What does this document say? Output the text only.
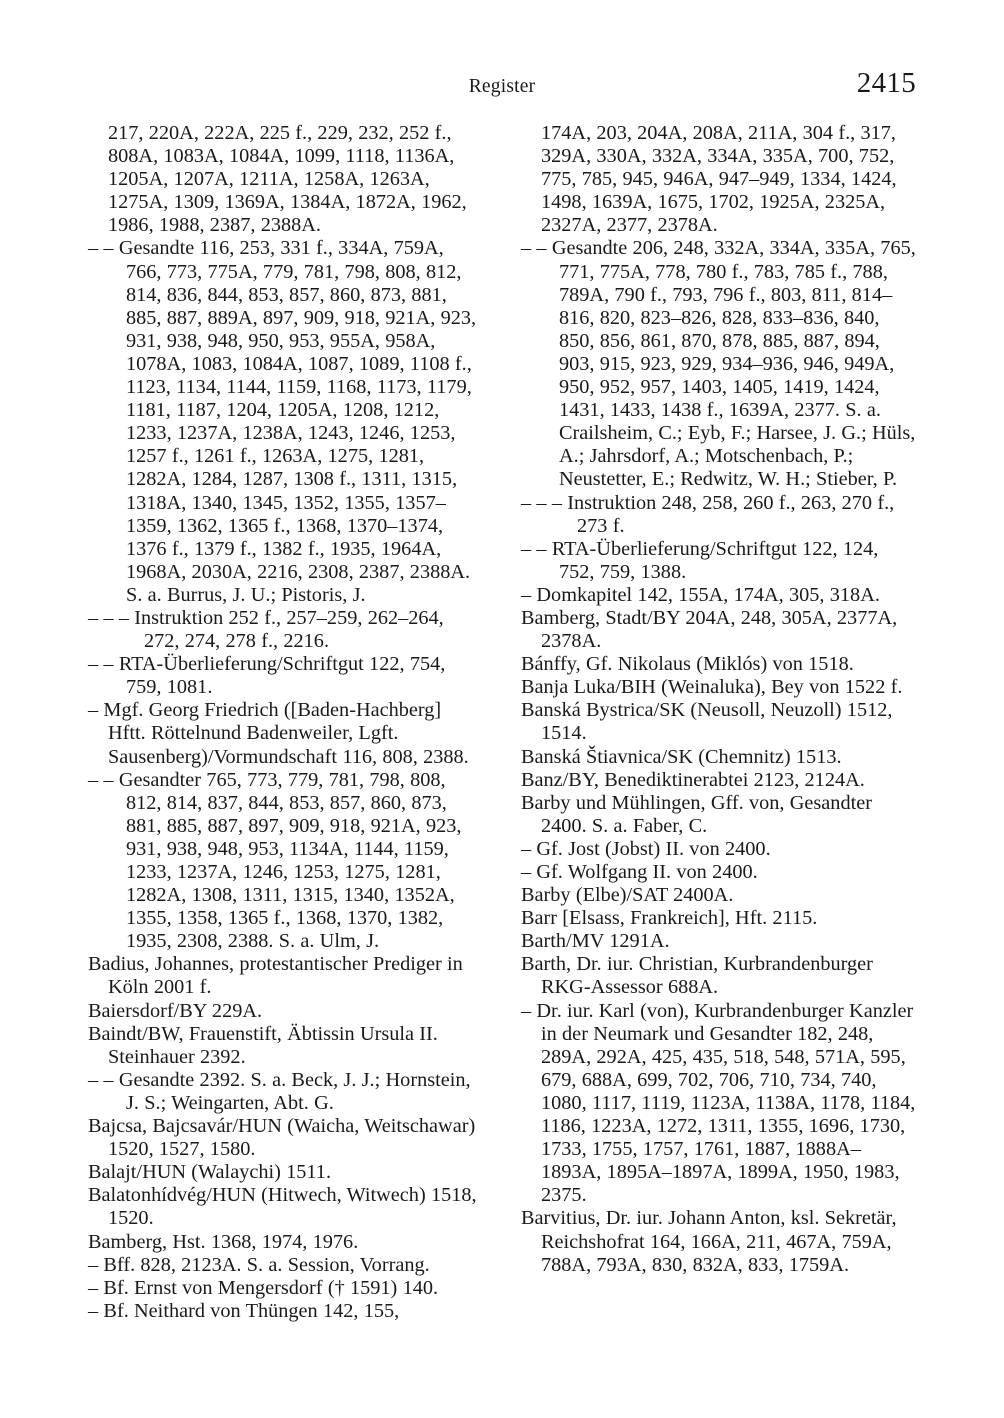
Register	2415

217, 220A, 222A, 225 f., 229, 232, 252 f., 808A, 1083A, 1084A, 1099, 1118, 1136A, 1205A, 1207A, 1211A, 1258A, 1263A, 1275A, 1309, 1369A, 1384A, 1872A, 1962, 1986, 1988, 2387, 2388A.

– – Gesandte 116, 253, 331 f., 334A, 759A, 766, 773, 775A, 779, 781, 798, 808, 812, 814, 836, 844, 853, 857, 860, 873, 881, 885, 887, 889A, 897, 909, 918, 921A, 923, 931, 938, 948, 950, 953, 955A, 958A, 1078A, 1083, 1084A, 1087, 1089, 1108 f., 1123, 1134, 1144, 1159, 1168, 1173, 1179, 1181, 1187, 1204, 1205A, 1208, 1212, 1233, 1237A, 1238A, 1243, 1246, 1253, 1257 f., 1261 f., 1263A, 1275, 1281, 1282A, 1284, 1287, 1308 f., 1311, 1315, 1318A, 1340, 1345, 1352, 1355, 1357–1359, 1362, 1365 f., 1368, 1370–1374, 1376 f., 1379 f., 1382 f., 1935, 1964A, 1968A, 2030A, 2216, 2308, 2387, 2388A. S. a. Burrus, J. U.; Pistoris, J.

– – – Instruktion 252 f., 257–259, 262–264, 272, 274, 278 f., 2216.

– – RTA-Überlieferung/Schriftgut 122, 754, 759, 1081.

– Mgf. Georg Friedrich ([Baden-Hachberg] Hftt. Röttelnund Badenweiler, Lgft. Sausenberg)/Vormundschaft 116, 808, 2388.

– – Gesandter 765, 773, 779, 781, 798, 808, 812, 814, 837, 844, 853, 857, 860, 873, 881, 885, 887, 897, 909, 918, 921A, 923, 931, 938, 948, 953, 1134A, 1144, 1159, 1233, 1237A, 1246, 1253, 1275, 1281, 1282A, 1308, 1311, 1315, 1340, 1352A, 1355, 1358, 1365 f., 1368, 1370, 1382, 1935, 2308, 2388. S. a. Ulm, J.

Badius, Johannes, protestantischer Prediger in Köln 2001 f.

Baiersdorf/BY 229A.

Baindt/BW, Frauenstift, Äbtissin Ursula II. Steinhauer 2392.

– – Gesandte 2392. S. a. Beck, J. J.; Hornstein, J. S.; Weingarten, Abt. G.

Bajcsa, Bajcsavár/HUN (Waicha, Weitschawar) 1520, 1527, 1580.

Balajt/HUN (Walaychi) 1511.

Balatonhídvég/HUN (Hitwech, Witwech) 1518, 1520.

Bamberg, Hst. 1368, 1974, 1976.

– Bff. 828, 2123A. S. a. Session, Vorrang.

– Bf. Ernst von Mengersdorf († 1591) 140.

– Bf. Neithard von Thüngen 142, 155,

174A, 203, 204A, 208A, 211A, 304 f., 317, 329A, 330A, 332A, 334A, 335A, 700, 752, 775, 785, 945, 946A, 947–949, 1334, 1424, 1498, 1639A, 1675, 1702, 1925A, 2325A, 2327A, 2377, 2378A.

– – Gesandte 206, 248, 332A, 334A, 335A, 765, 771, 775A, 778, 780 f., 783, 785 f., 788, 789A, 790 f., 793, 796 f., 803, 811, 814–816, 820, 823–826, 828, 833–836, 840, 850, 856, 861, 870, 878, 885, 887, 894, 903, 915, 923, 929, 934–936, 946, 949A, 950, 952, 957, 1403, 1405, 1419, 1424, 1431, 1433, 1438 f., 1639A, 2377. S. a. Crailsheim, C.; Eyb, F.; Harsee, J. G.; Hüls, A.; Jahrsdorf, A.; Motschenbach, P.; Neustetter, E.; Redwitz, W. H.; Stieber, P.

– – – Instruktion 248, 258, 260 f., 263, 270 f., 273 f.

– – RTA-Überlieferung/Schriftgut 122, 124, 752, 759, 1388.

– Domkapitel 142, 155A, 174A, 305, 318A.

Bamberg, Stadt/BY 204A, 248, 305A, 2377A, 2378A.

Bánffy, Gf. Nikolaus (Miklós) von 1518.

Banja Luka/BIH (Weinaluka), Bey von 1522 f.

Banská Bystrica/SK (Neusoll, Neuzoll) 1512, 1514.

Banská Štiavnica/SK (Chemnitz) 1513.

Banz/BY, Benediktinerabtei 2123, 2124A.

Barby und Mühlingen, Gff. von, Gesandter 2400. S. a. Faber, C.

– Gf. Jost (Jobst) II. von 2400.

– Gf. Wolfgang II. von 2400.

Barby (Elbe)/SAT 2400A.

Barr [Elsass, Frankreich], Hft. 2115.

Barth/MV 1291A.

Barth, Dr. iur. Christian, Kurbrandenburger RKG-Assessor 688A.

– Dr. iur. Karl (von), Kurbrandenburger Kanzler in der Neumark und Gesandter 182, 248, 289A, 292A, 425, 435, 518, 548, 571A, 595, 679, 688A, 699, 702, 706, 710, 734, 740, 1080, 1117, 1119, 1123A, 1138A, 1178, 1184, 1186, 1223A, 1272, 1311, 1355, 1696, 1730, 1733, 1755, 1757, 1761, 1887, 1888A–1893A, 1895A–1897A, 1899A, 1950, 1983, 2375.

Barvitius, Dr. iur. Johann Anton, ksl. Sekretär, Reichshofrat 164, 166A, 211, 467A, 759A, 788A, 793A, 830, 832A, 833, 1759A.
